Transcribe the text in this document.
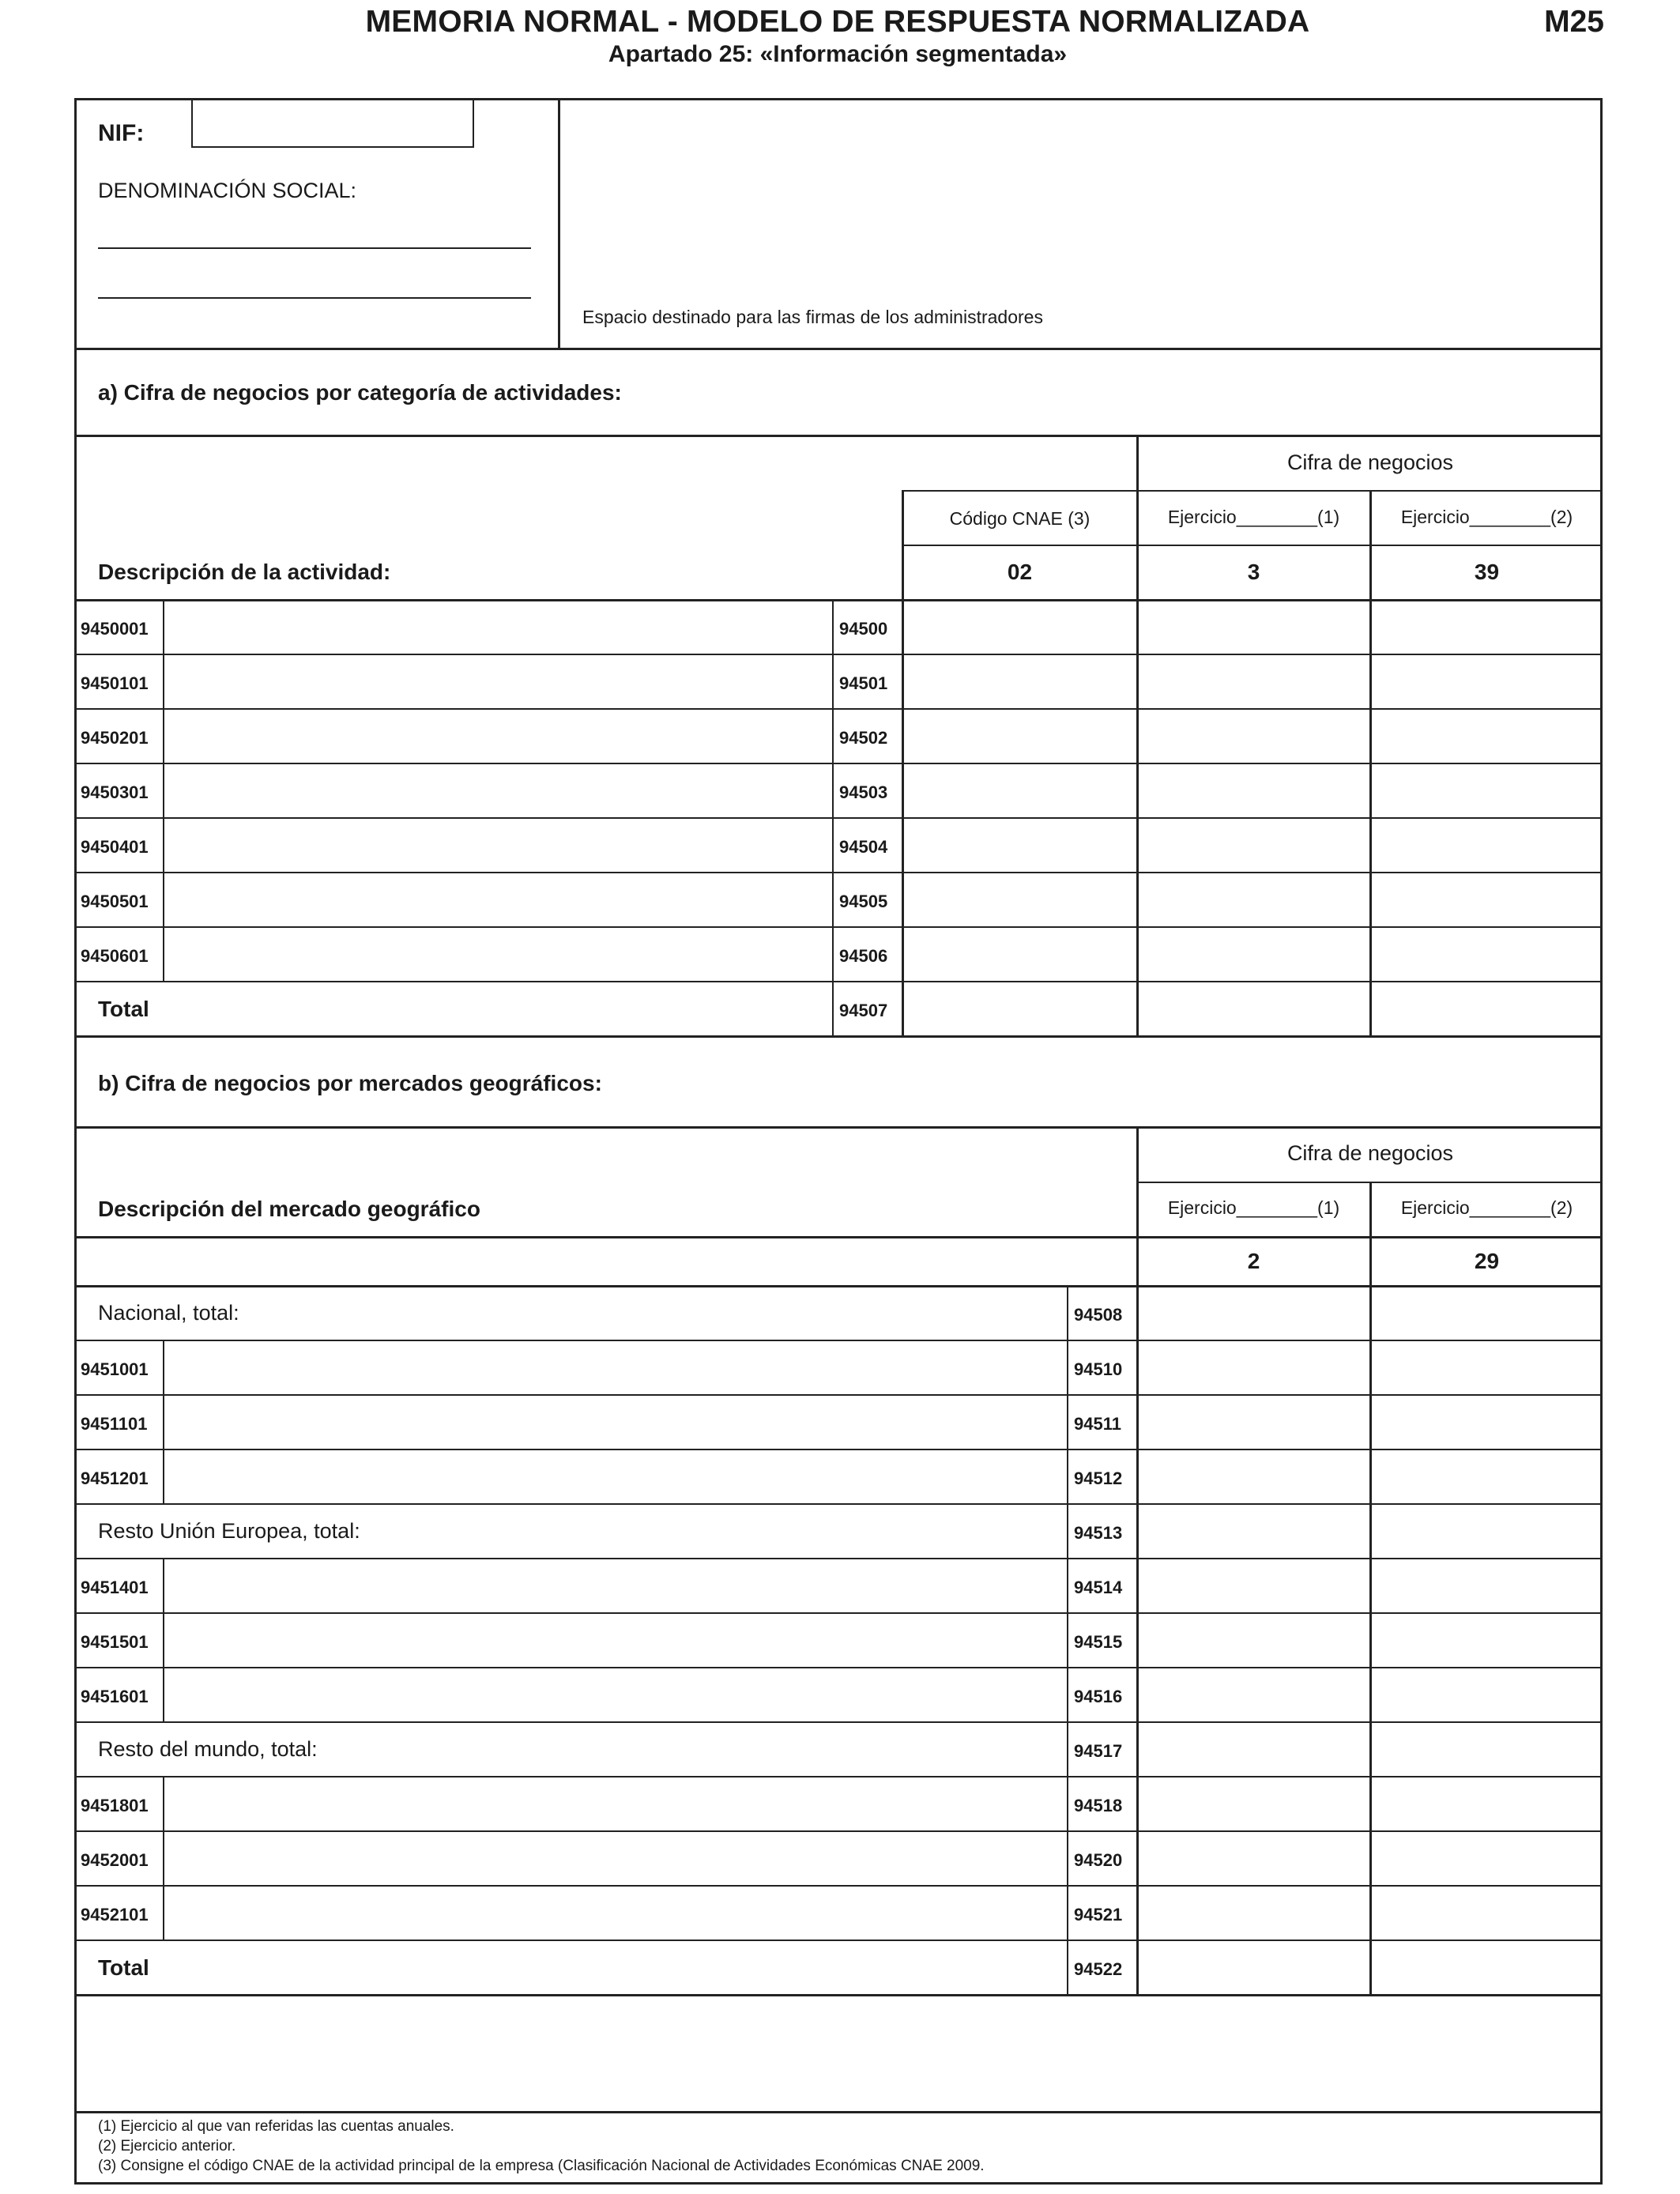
MEMORIA NORMAL - MODELO DE RESPUESTA NORMALIZADA
Apartado 25: «Información segmentada»
M25
NIF:
DENOMINACIÓN SOCIAL:
Espacio destinado para las firmas de los administradores
a) Cifra de negocios por categoría de actividades:
Cifra de negocios
Código CNAE (3)	Ejercicio________(1)	Ejercicio________(2)
Descripción de la actividad:	02	3	39
9450001	94500
9450101	94501
9450201	94502
9450301	94503
9450401	94504
9450501	94505
9450601	94506
Total	94507
b) Cifra de negocios por mercados geográficos:
Cifra de negocios
Descripción del mercado geográfico	Ejercicio________(1)	Ejercicio________(2)
2	29
Nacional, total:	94508
9451001	94510
9451101	94511
9451201	94512
Resto Unión Europea, total:	94513
9451401	94514
9451501	94515
9451601	94516
Resto del mundo, total:	94517
9451801	94518
9452001	94520
9452101	94521
Total	94522
(1) Ejercicio al que van referidas las cuentas anuales.
(2) Ejercicio anterior.
(3) Consigne el código CNAE de la actividad principal de la empresa (Clasificación Nacional de Actividades Económicas CNAE 2009.
